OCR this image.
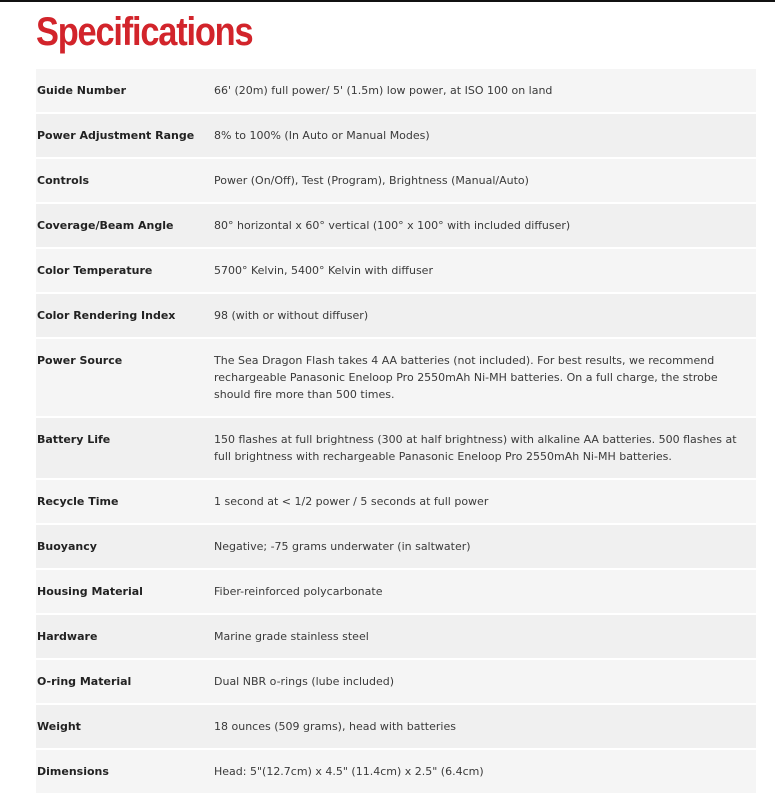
Specifications
Guide Number	66' (20m) full power/ 5' (1.5m) low power, at ISO 100 on land
Power Adjustment Range	8% to 100% (In Auto or Manual Modes)
Controls	Power (On/Off), Test (Program), Brightness (Manual/Auto)
Coverage/Beam Angle	80° horizontal x 60° vertical (100° x 100° with included diffuser)
Color Temperature	5700° Kelvin, 5400° Kelvin with diffuser
Color Rendering Index	98 (with or without diffuser)
Power Source	The Sea Dragon Flash takes 4 AA batteries (not included). For best results, we recommend rechargeable Panasonic Eneloop Pro 2550mAh Ni-MH batteries. On a full charge, the strobe should fire more than 500 times.
Battery Life	150 flashes at full brightness (300 at half brightness) with alkaline AA batteries. 500 flashes at full brightness with rechargeable Panasonic Eneloop Pro 2550mAh Ni-MH batteries.
Recycle Time	1 second at < 1/2 power / 5 seconds at full power
Buoyancy	Negative; -75 grams underwater (in saltwater)
Housing Material	Fiber-reinforced polycarbonate
Hardware	Marine grade stainless steel
O-ring Material	Dual NBR o-rings (lube included)
Weight	18 ounces (509 grams), head with batteries
Dimensions	Head: 5"(12.7cm) x 4.5" (11.4cm) x 2.5" (6.4cm)
